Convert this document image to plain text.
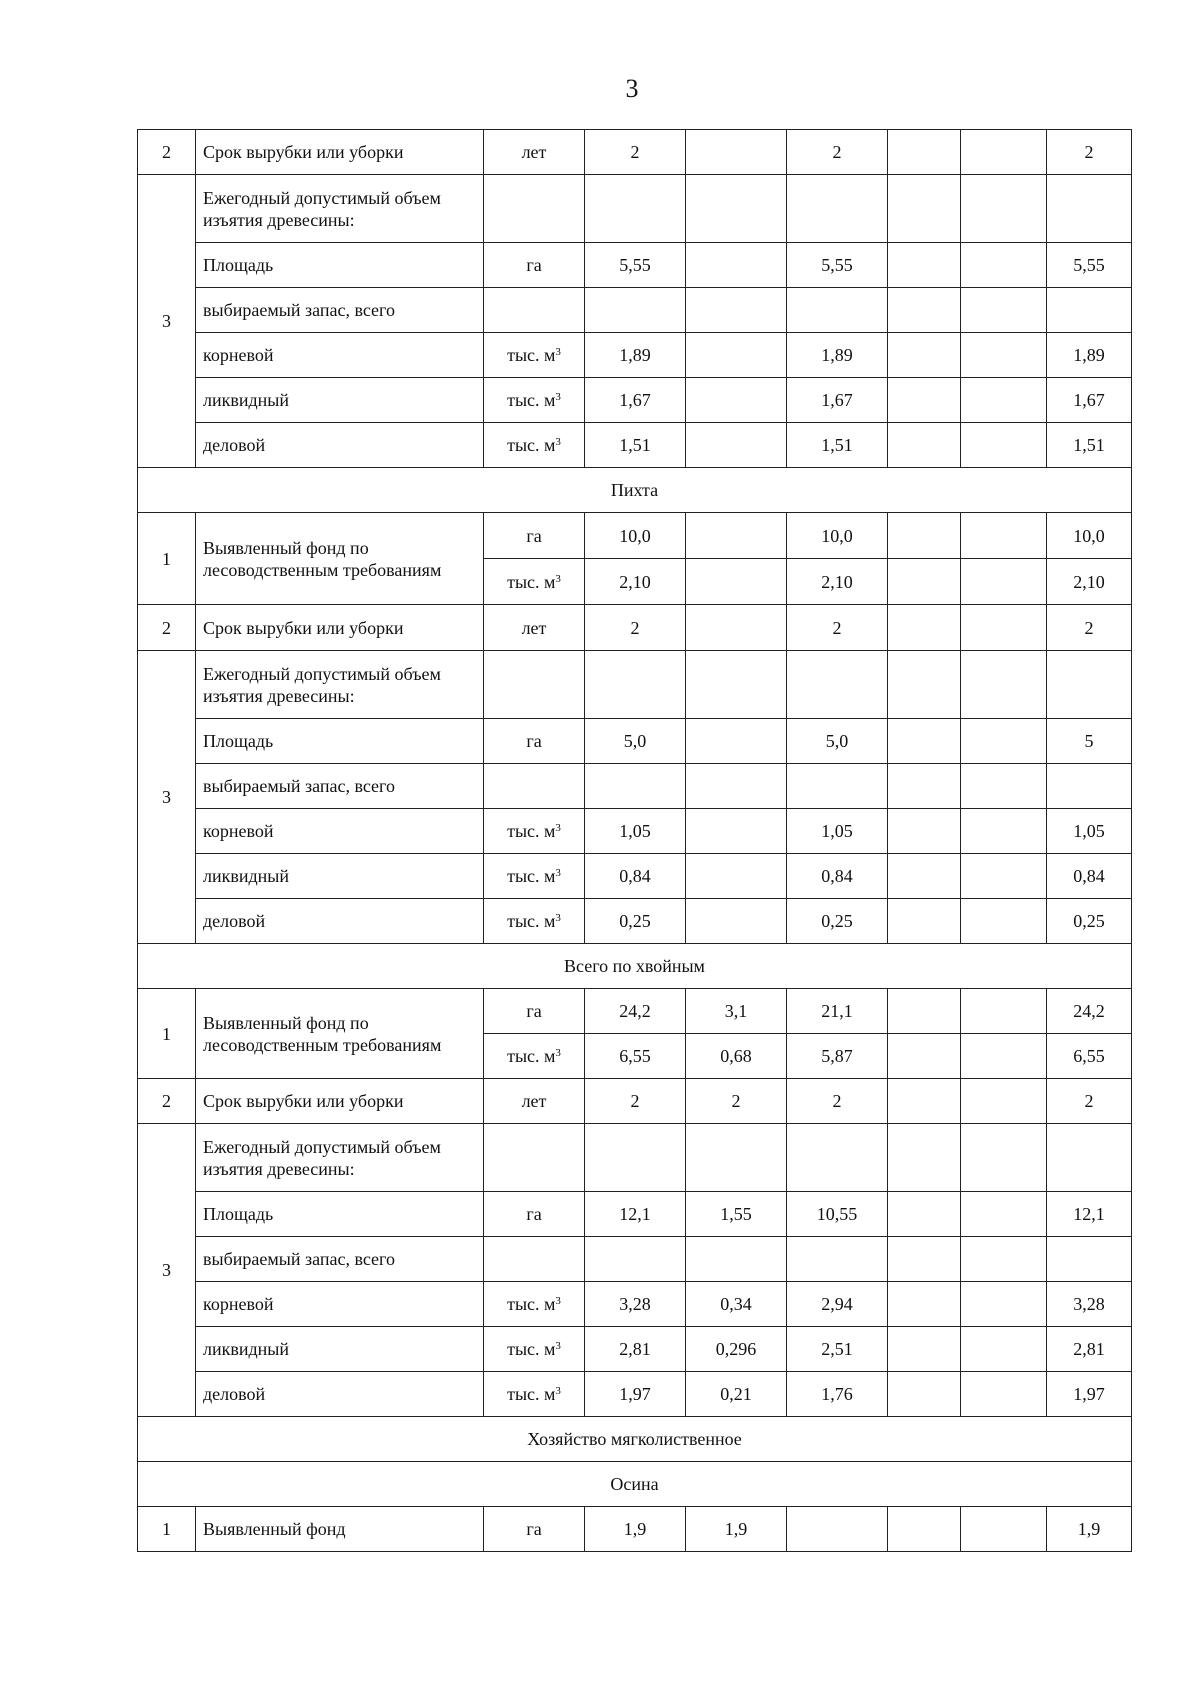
3
2	Срок вырубки или уборки	лет	2		2			2
3	Ежегодный допустимый объем изъятия древесины:							
	Площадь	га	5,55		5,55			5,55
	выбираемый запас, всего							
	корневой	тыс. $м^3$	1,89		1,89			1,89
	ликвидный	тыс. $м^3$	1,67		1,67			1,67
	деловой	тыс. $м^3$	1,51		1,51			1,51
Пихта								
1	Выявленный фонд по лесоводственным требованиям	га	10,0		10,0			10,0
		тыс. $м^3$	2,10		2,10			2,10
2	Срок вырубки или уборки	лет	2		2			2
3	Ежегодный допустимый объем изъятия древесины:							
	Площадь	га	5,0		5,0			5
	выбираемый запас, всего							
	корневой	тыс. $м^3$	1,05		1,05			1,05
	ликвидный	тыс. $м^3$	0,84		0,84			0,84
	деловой	тыс. $м^3$	0,25		0,25			0,25
Всего по хвойным								
1	Выявленный фонд по лесоводственным требованиям	га	24,2	3,1	21,1			24,2
		тыс. $м^3$	6,55	0,68	5,87			6,55
2	Срок вырубки или уборки	лет	2	2	2			2
3	Ежегодный допустимый объем изъятия древесины:							
	Площадь	га	12,1	1,55	10,55			12,1
	выбираемый запас, всего							
	корневой	тыс. $м^3$	3,28	0,34	2,94			3,28
	ликвидный	тыс. $м^3$	2,81	0,296	2,51			2,81
	деловой	тыс. $м^3$	1,97	0,21	1,76			1,97
Хозяйство мягколиственное								
Осина								
1	Выявленный фонд	га	1,9	1,9				1,9
